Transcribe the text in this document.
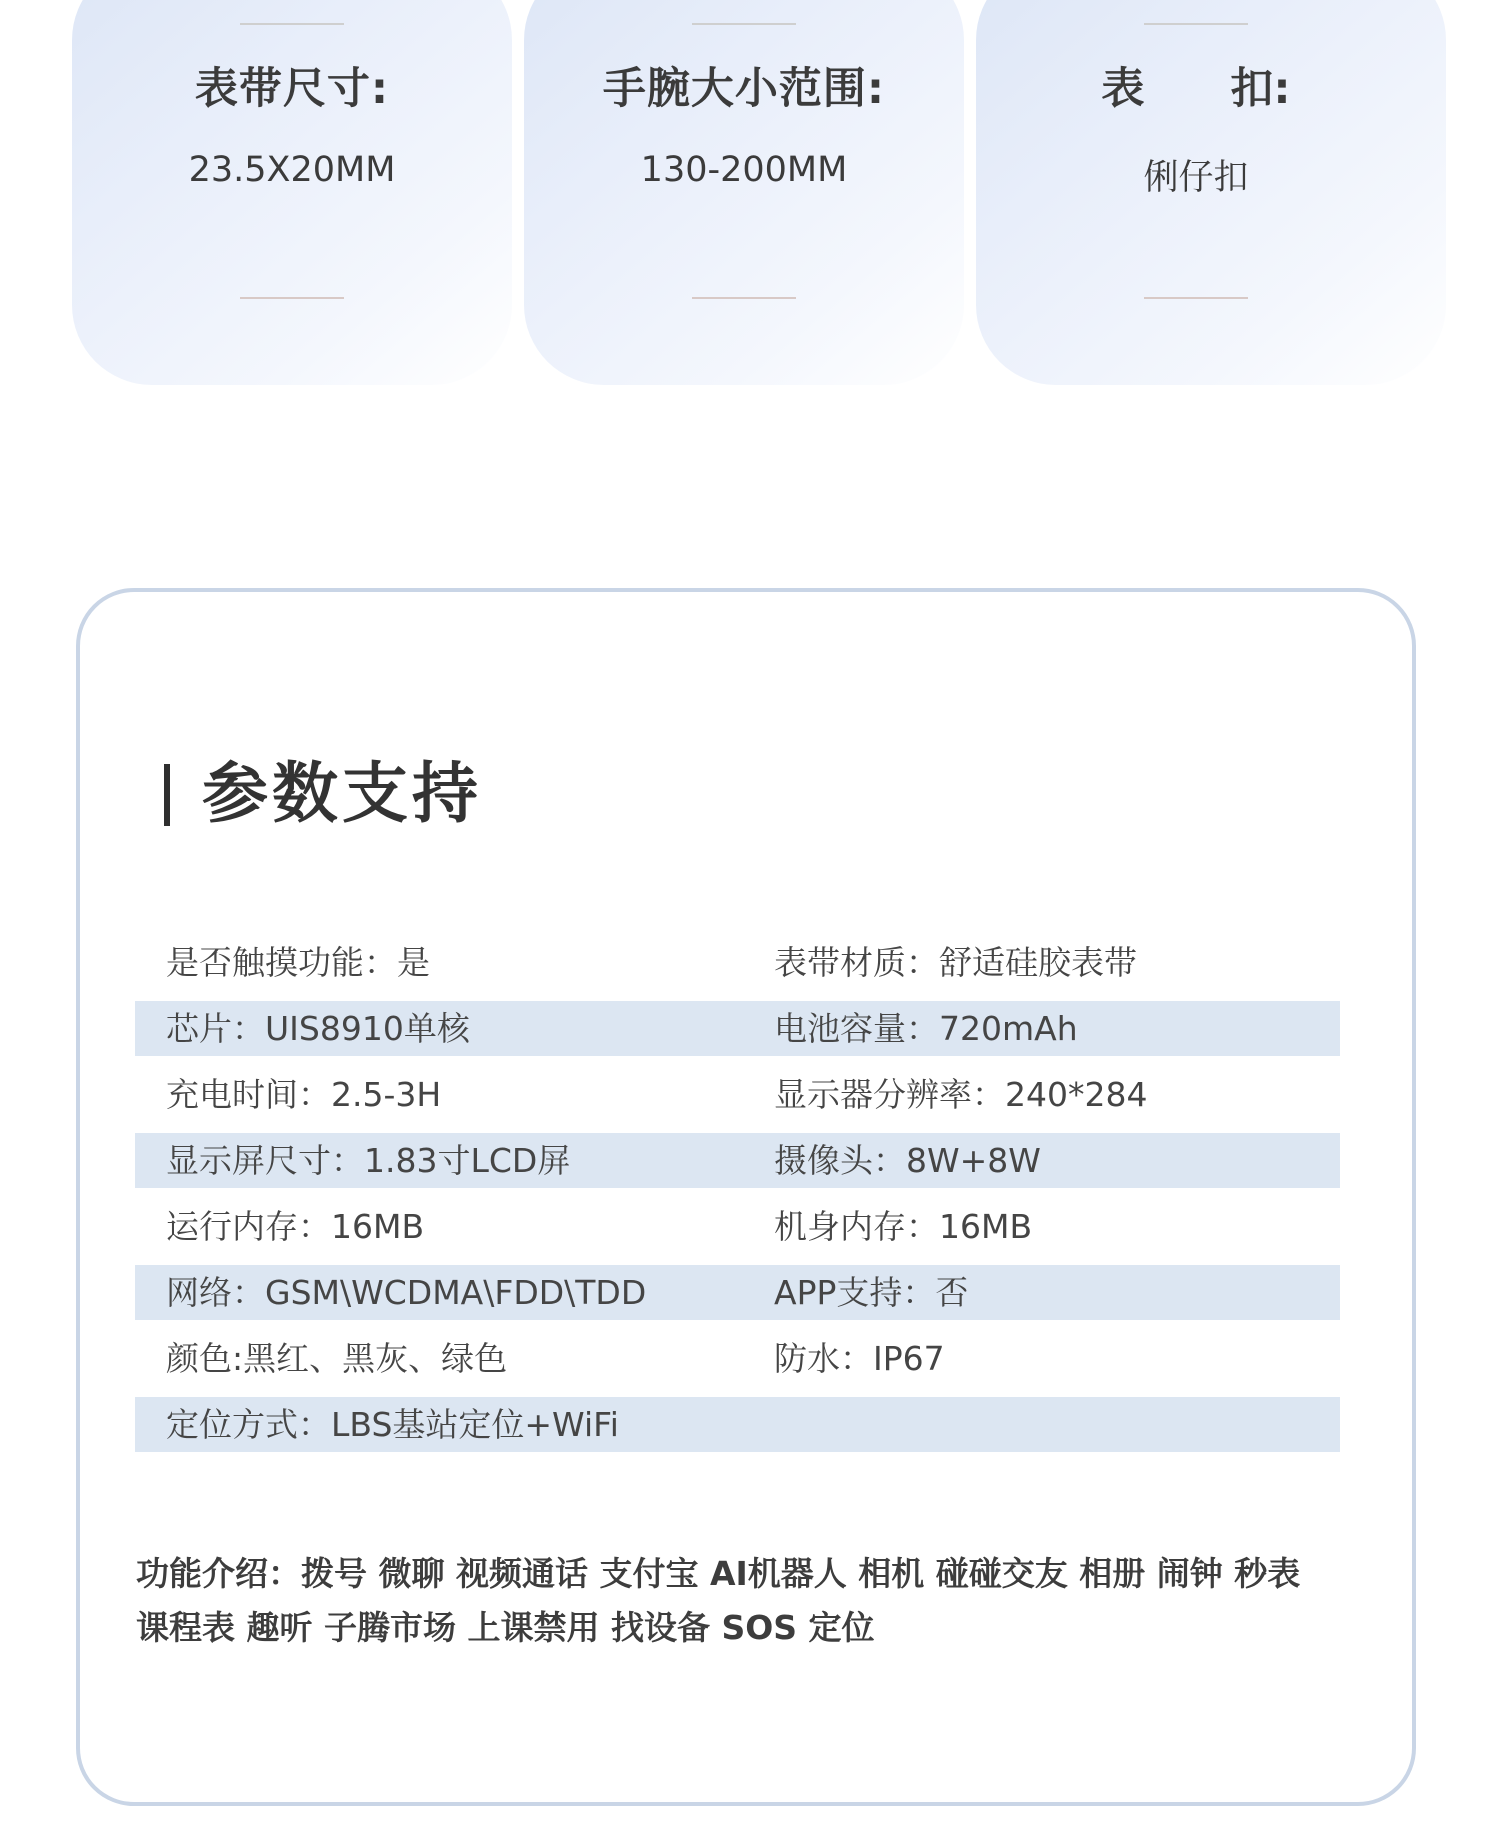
表带尺寸:
23.5X20MM
手腕大小范围:
130-200MM
表　　扣:
俐仔扣
参数支持
是否触摸功能：是	表带材质：舒适硅胶表带
芯片：UIS8910单核	电池容量：720mAh
充电时间：2.5-3H	显示器分辨率：240*284
显示屏尺寸：1.83寸LCD屏	摄像头：8W+8W
运行内存：16MB	机身内存：16MB
网络：GSM\WCDMA\FDD\TDD	APP支持：否
颜色:黑红、黑灰、绿色	防水：IP67
定位方式：LBS基站定位+WiFi
功能介绍：拨号 微聊 视频通话 支付宝 AI机器人 相机 碰碰交友 相册 闹钟 秒表
课程表 趣听 子腾市场 上课禁用 找设备 SOS 定位
